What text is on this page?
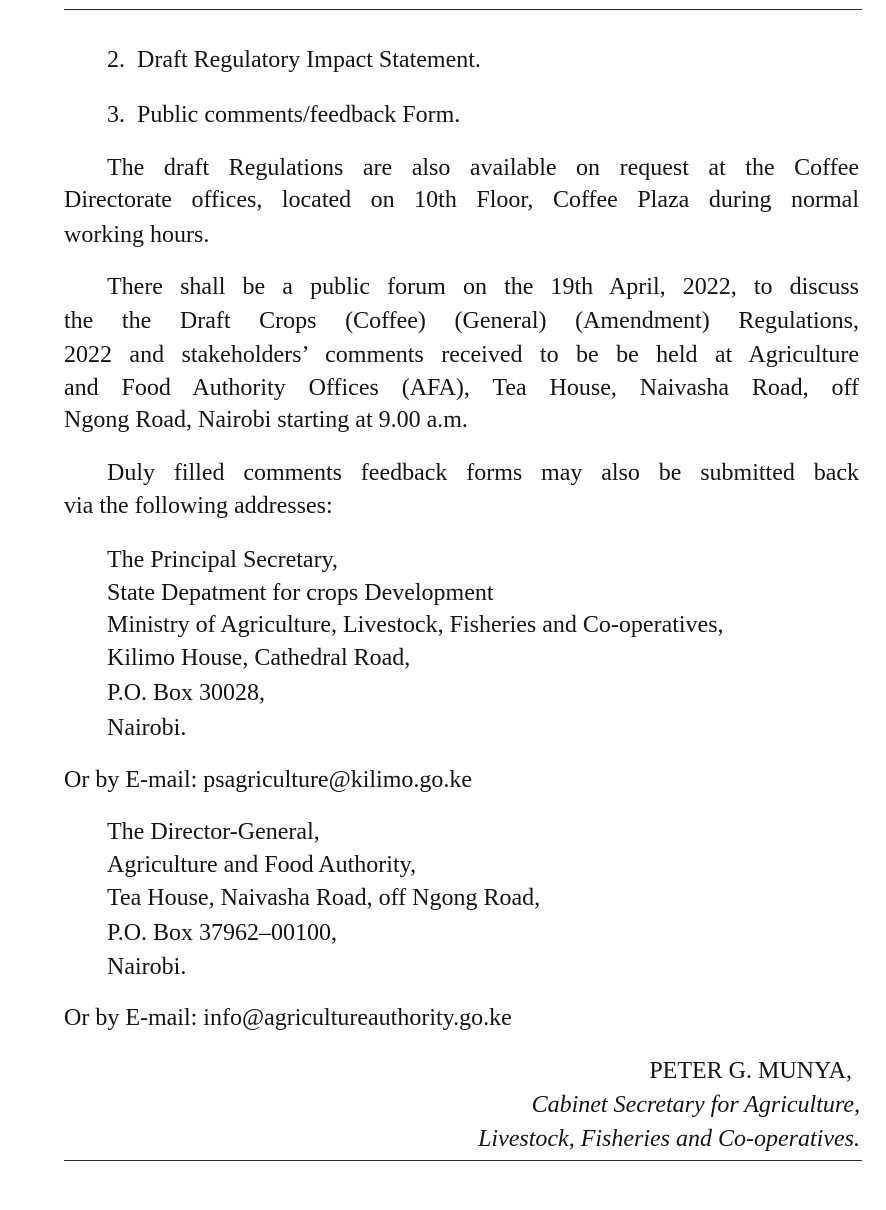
2. Draft Regulatory Impact Statement.
3. Public comments/feedback Form.
The draft Regulations are also available on request at the Coffee
Directorate offices, located on 10th Floor, Coffee Plaza during normal
working hours.
There shall be a public forum on the 19th April, 2022, to discuss
the the Draft Crops (Coffee) (General) (Amendment) Regulations,
2022 and stakeholders’ comments received to be be held at Agriculture
and Food Authority Offices (AFA), Tea House, Naivasha Road, off
Ngong Road, Nairobi starting at 9.00 a.m.
Duly filled comments feedback forms may also be submitted back
via the following addresses:
The Principal Secretary,
State Depatment for crops Development
Ministry of Agriculture, Livestock, Fisheries and Co-operatives,
Kilimo House, Cathedral Road,
P.O. Box 30028,
Nairobi.
Or by E-mail: psagriculture@kilimo.go.ke
The Director-General,
Agriculture and Food Authority,
Tea House, Naivasha Road, off Ngong Road,
P.O. Box 37962–00100,
Nairobi.
Or by E-mail: info@agricultureauthority.go.ke
PETER G. MUNYA,
Cabinet Secretary for Agriculture,
Livestock, Fisheries and Co-operatives.
